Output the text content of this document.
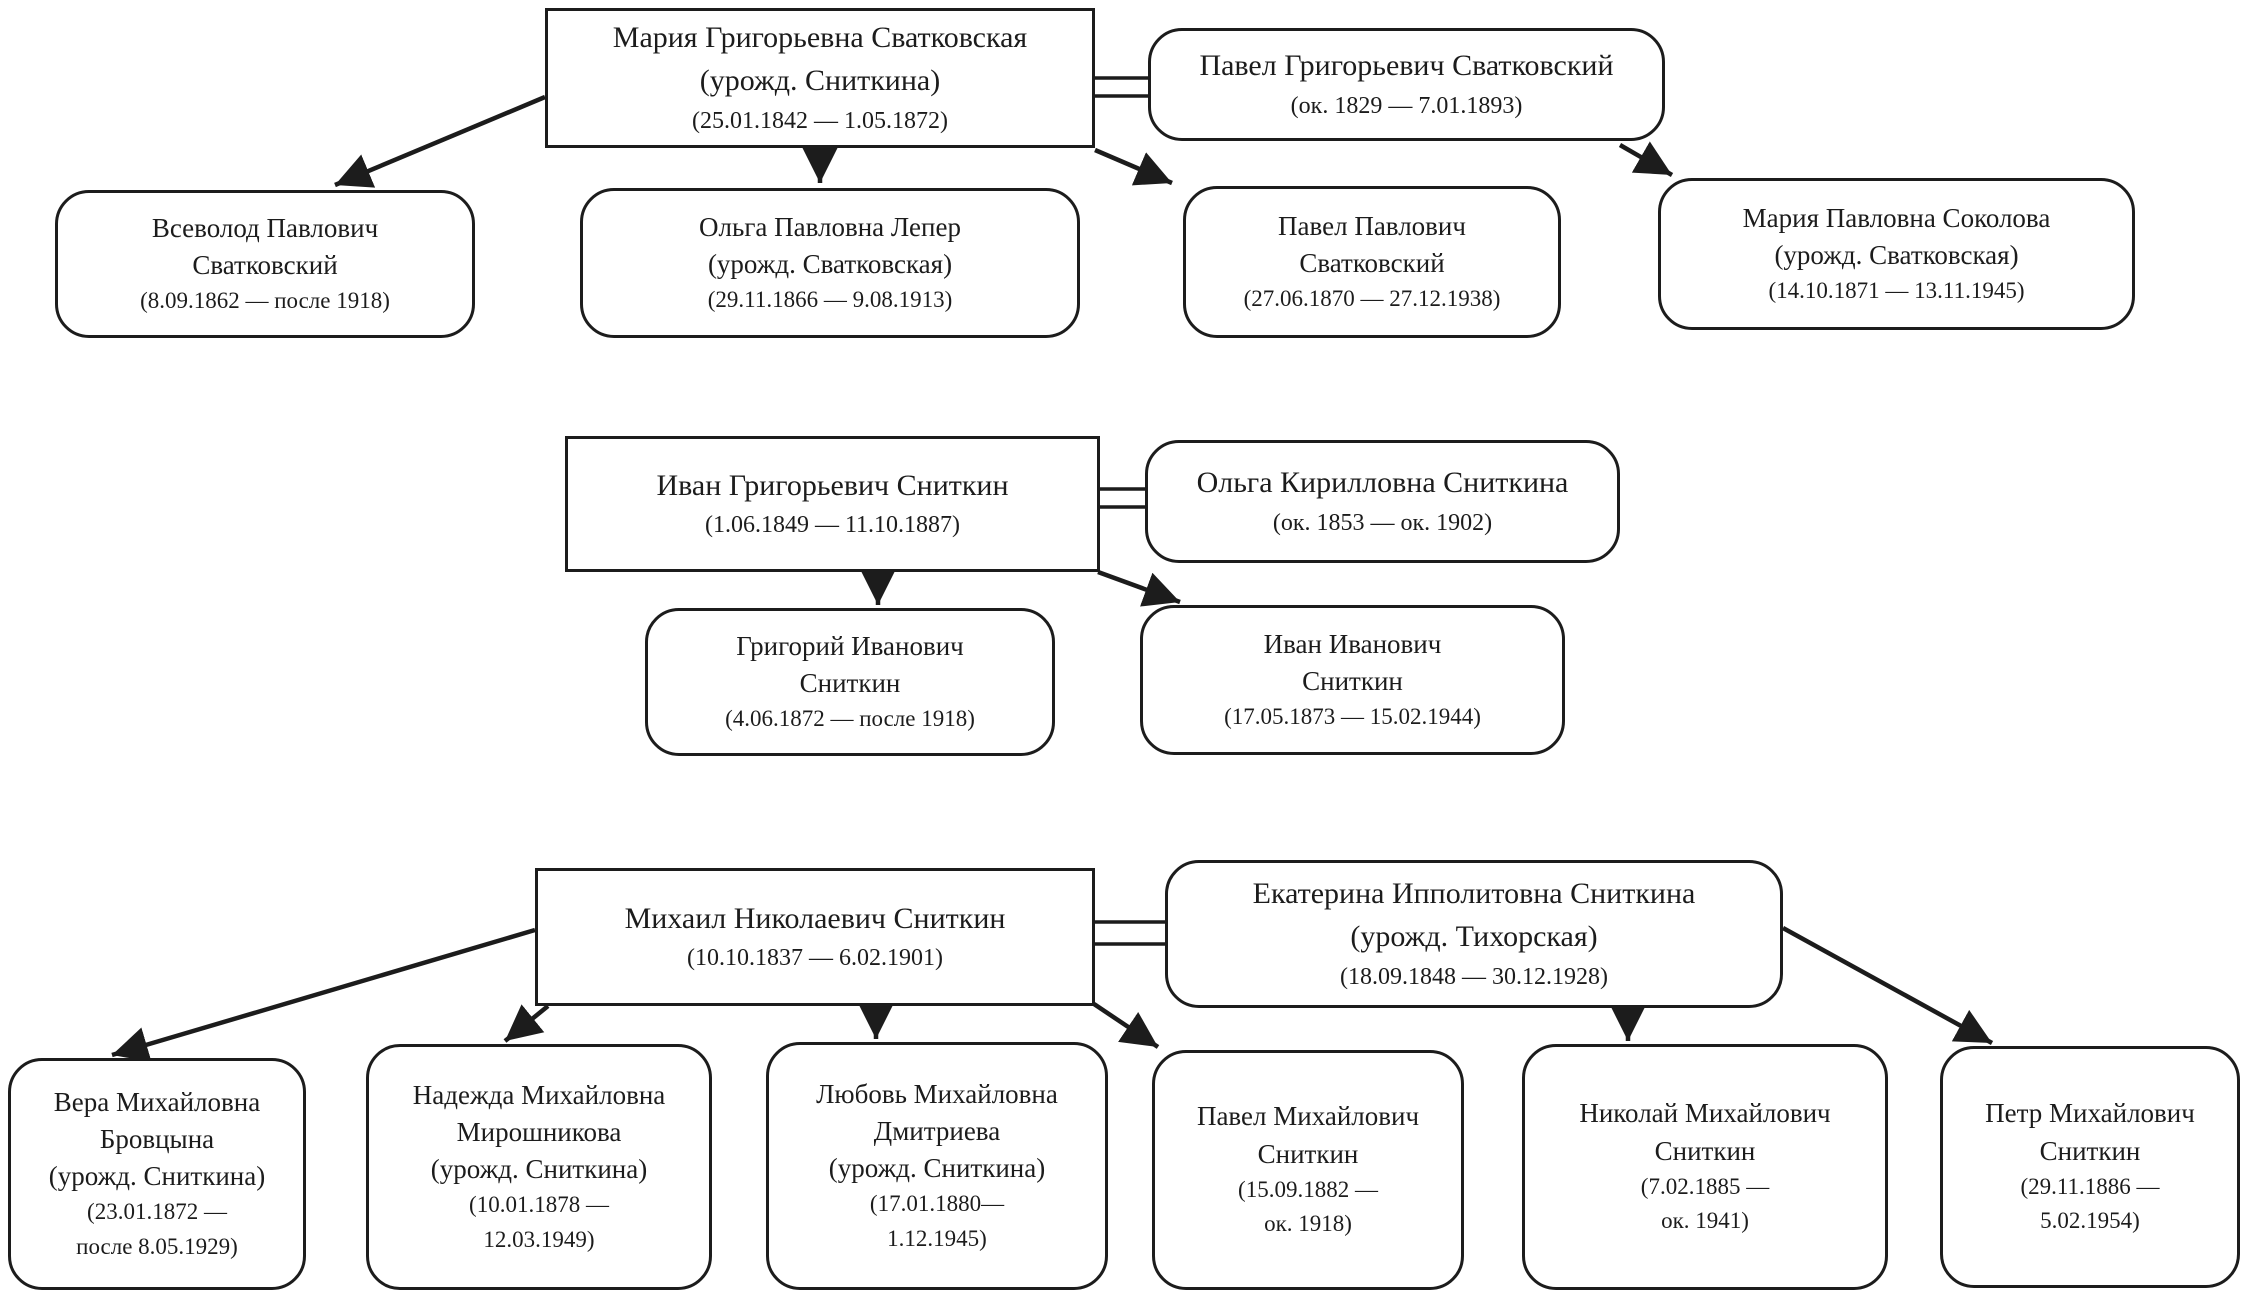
Мария Григорьевна Сватковская
(урожд. Сниткина)
(25.01.1842 — 1.05.1872)
Павел Григорьевич Сватковский
(ок. 1829 — 7.01.1893)
Всеволод Павлович
Сватковский
(8.09.1862 — после 1918)
Ольга Павловна Лепер
(урожд. Сватковская)
(29.11.1866 — 9.08.1913)
Павел Павлович
Сватковский
(27.06.1870 — 27.12.1938)
Мария Павловна Соколова
(урожд. Сватковская)
(14.10.1871 — 13.11.1945)
Иван Григорьевич Сниткин
(1.06.1849 — 11.10.1887)
Ольга Кирилловна Сниткина
(ок. 1853 — ок. 1902)
Григорий Иванович
Сниткин
(4.06.1872 — после 1918)
Иван Иванович
Сниткин
(17.05.1873 — 15.02.1944)
Михаил Николаевич Сниткин
(10.10.1837 — 6.02.1901)
Екатерина Ипполитовна Сниткина
(урожд. Тихорская)
(18.09.1848 — 30.12.1928)
Вера Михайловна
Бровцына
(урожд. Сниткина)
(23.01.1872 —
после 8.05.1929)
Надежда Михайловна
Мирошникова
(урожд. Сниткина)
(10.01.1878 —
12.03.1949)
Любовь Михайловна
Дмитриева
(урожд. Сниткина)
(17.01.1880—
1.12.1945)
Павел Михайлович
Сниткин
(15.09.1882 —
ок. 1918)
Николай Михайлович
Сниткин
(7.02.1885 —
ок. 1941)
Петр Михайлович
Сниткин
(29.11.1886 —
5.02.1954)
